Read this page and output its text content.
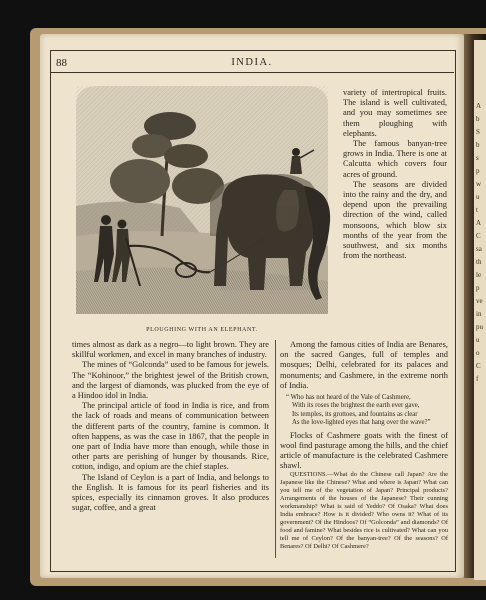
A
b
S
b
s
p
w
u
t
A
C
sa
th
le
p
ve
in
pu
u
o
C
f
88	INDIA.
PLOUGHING WITH AN ELEPHANT.

variety of intertropical fruits. The island is well cultivated, and you may sometimes see them ploughing with elephants.

The famous banyan-tree grows in India. There is one at Calcutta which covers four acres of ground.

The seasons are divided into the rainy and the dry, and depend upon the prevailing direction of the wind, called monsoons, which blow six months of the year from the southwest, and six months from the northeast.

times almost as dark as a negro—to light brown. They are skillful workmen, and excel in many branches of industry.

The mines of “Golconda” used to be famous for jewels. The “Kohinoor,” the brightest jewel of the British crown, and the largest of diamonds, was plucked from the eye of a Hindoo idol in India.

The principal article of food in India is rice, and from the lack of roads and means of communication between the different parts of the country, famine is common. It often happens, as was the case in 1867, that the people in one part of India have more than enough, while those in other parts are perishing of hunger by thousands. Rice, cotton, indigo, and opium are the chief staples.

The Island of Ceylon is a part of India, and belongs to the English. It is famous for its pearl fisheries and its spices, especially its cinnamon groves. It also produces sugar, coffee, and a great

Among the famous cities of India are Benares, on the sacred Ganges, full of temples and mosques; Delhi, celebrated for its palaces and monuments; and Cashmere, in the extreme north of India.

“ Who has not heard of the Vale of Cashmere,
With its roses the brightest the earth ever gave,
Its temples, its grottoes, and fountains as clear
As the love-lighted eyes that hang over the wave?”

Flocks of Cashmere goats with the finest of wool find pasturage among the hills, and the chief article of manufacture is the celebrated Cashmere shawl.

QUESTIONS.—What do the Chinese call Japan? Are the Japanese like the Chinese? What and where is Japan? What can you tell me of the vegetation of Japan? Principal products? Arrangements of the houses of the Japanese? Their cunning workmanship? What is said of Yeddo? Of Osaka? What does India embrace? How is it divided? Who owns it? What of its government? Of the Hindoos? Of “Golconda” and diamonds? Of food and famine? What besides rice is cultivated? What can you tell me of Ceylon? Of the banyan-tree? Of the seasons? Of Benares? Of Delhi? Of Cashmere?
